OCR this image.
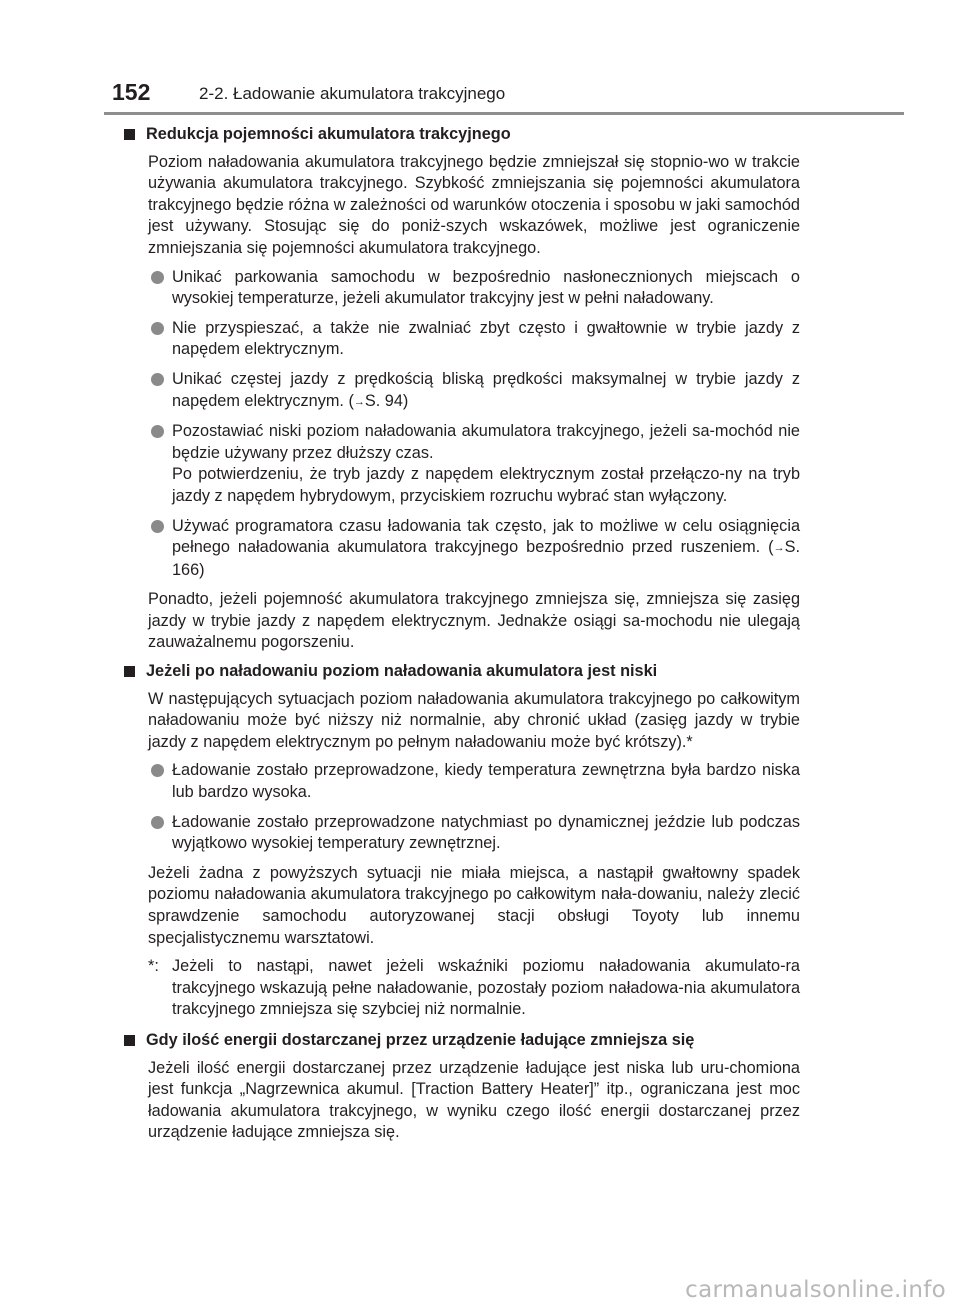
152	2-2. Ładowanie akumulatora trakcyjnego
Redukcja pojemności akumulatora trakcyjnego
Poziom naładowania akumulatora trakcyjnego będzie zmniejszał się stopnio-wo w trakcie używania akumulatora trakcyjnego. Szybkość zmniejszania się pojemności akumulatora trakcyjnego będzie różna w zależności od warunków otoczenia i sposobu w jaki samochód jest używany. Stosując się do poniż-szych wskazówek, możliwe jest ograniczenie zmniejszania się pojemności akumulatora trakcyjnego.
Unikać parkowania samochodu w bezpośrednio nasłonecznionych miejscach o wysokiej temperaturze, jeżeli akumulator trakcyjny jest w pełni naładowany.
Nie przyspieszać, a także nie zwalniać zbyt często i gwałtownie w trybie jazdy z napędem elektrycznym.
Unikać częstej jazdy z prędkością bliską prędkości maksymalnej w trybie jazdy z napędem elektrycznym. (→S. 94)
Pozostawiać niski poziom naładowania akumulatora trakcyjnego, jeżeli sa-mochód nie będzie używany przez dłuższy czas.
Po potwierdzeniu, że tryb jazdy z napędem elektrycznym został przełączo-ny na tryb jazdy z napędem hybrydowym, przyciskiem rozruchu wybrać stan wyłączony.
Używać programatora czasu ładowania tak często, jak to możliwe w celu osiągnięcia pełnego naładowania akumulatora trakcyjnego bezpośrednio przed ruszeniem. (→S. 166)
Ponadto, jeżeli pojemność akumulatora trakcyjnego zmniejsza się, zmniejsza się zasięg jazdy w trybie jazdy z napędem elektrycznym. Jednakże osiągi sa-mochodu nie ulegają zauważalnemu pogorszeniu.
Jeżeli po naładowaniu poziom naładowania akumulatora jest niski
W następujących sytuacjach poziom naładowania akumulatora trakcyjnego po całkowitym naładowaniu może być niższy niż normalnie, aby chronić układ (zasięg jazdy w trybie jazdy z napędem elektrycznym po pełnym naładowaniu może być krótszy).*
Ładowanie zostało przeprowadzone, kiedy temperatura zewnętrzna była bardzo niska lub bardzo wysoka.
Ładowanie zostało przeprowadzone natychmiast po dynamicznej jeździe lub podczas wyjątkowo wysokiej temperatury zewnętrznej.
Jeżeli żadna z powyższych sytuacji nie miała miejsca, a nastąpił gwałtowny spadek poziomu naładowania akumulatora trakcyjnego po całkowitym nała-dowaniu, należy zlecić sprawdzenie samochodu autoryzowanej stacji obsługi Toyoty lub innemu specjalistycznemu warsztatowi.
*: Jeżeli to nastąpi, nawet jeżeli wskaźniki poziomu naładowania akumulato-ra trakcyjnego wskazują pełne naładowanie, pozostały poziom naładowa-nia akumulatora trakcyjnego zmniejsza się szybciej niż normalnie.
Gdy ilość energii dostarczanej przez urządzenie ładujące zmniejsza się
Jeżeli ilość energii dostarczanej przez urządzenie ładujące jest niska lub uru-chomiona jest funkcja „Nagrzewnica akumul. [Traction Battery Heater]” itp., ograniczana jest moc ładowania akumulatora trakcyjnego, w wyniku czego ilość energii dostarczanej przez urządzenie ładujące zmniejsza się.
carmanualsonline.info
